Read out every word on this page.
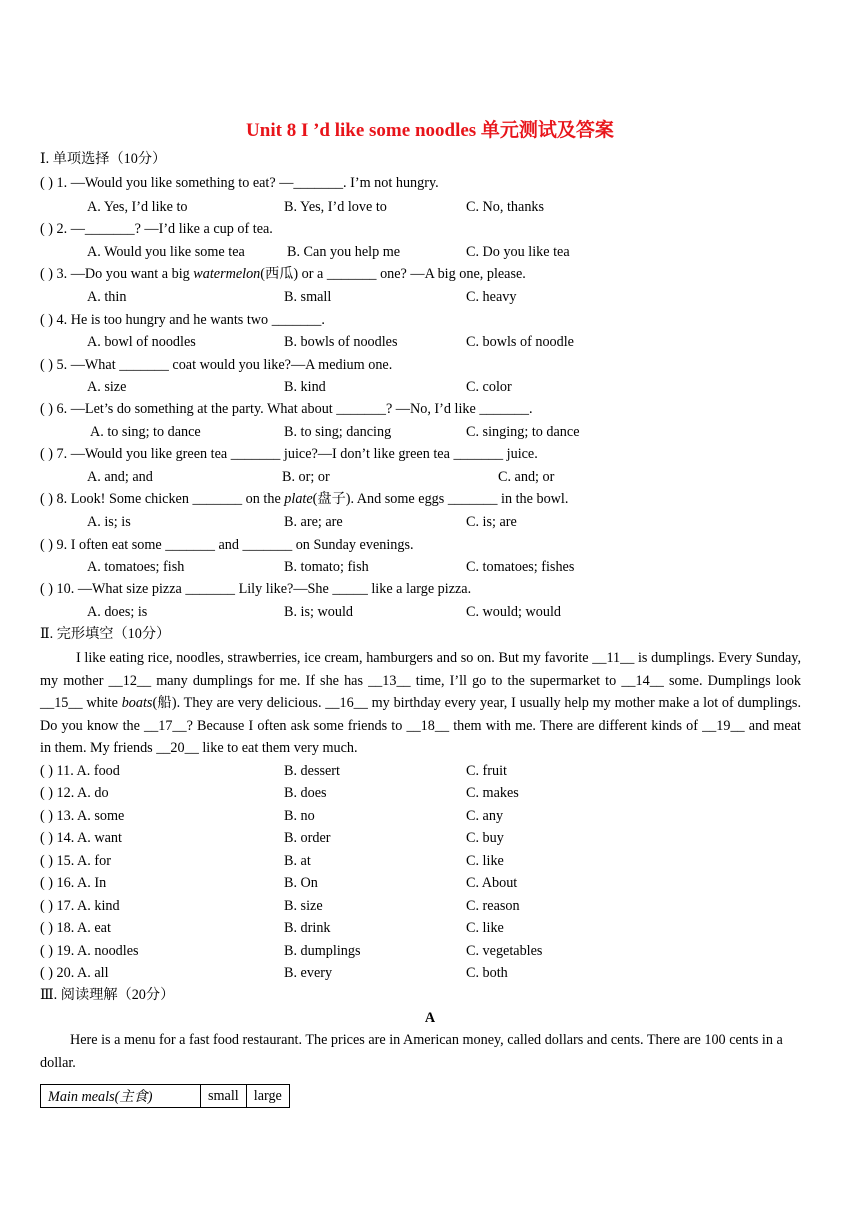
Unit 8 I ’d like some noodles 单元测试及答案
Ⅰ. 单项选择（10分）
( ) 1. —Would you like something to eat? —_______. I’m not hungry.
A. Yes, I’d like to	B. Yes, I’d love to	C. No, thanks
( ) 2. —_______? —I’d like a cup of tea.
A. Would you like some tea	B. Can you help me	C. Do you like tea
( ) 3. —Do you want a big watermelon(西瓜) or a _______ one? —A big one, please.
A. thin	B. small	C. heavy
( ) 4. He is too hungry and he wants two _______.
A. bowl of noodles	B. bowls of noodles	C. bowls of noodle
( ) 5. —What _______ coat would you like?—A medium one.
A. size	B. kind	C. color
( ) 6. —Let’s do something at the party. What about _______? —No, I’d like _______.
A. to sing; to dance	B. to sing; dancing	C. singing; to dance
( ) 7. —Would you like green tea _______ juice?—I don’t like green tea _______ juice.
A. and; and	B. or; or	C. and; or
( ) 8. Look! Some chicken _______ on the plate(盘子). And some eggs _______ in the bowl.
A. is; is	B. are; are	C. is; are
( ) 9. I often eat some _______ and _______ on Sunday evenings.
A. tomatoes; fish	B. tomato; fish	C. tomatoes; fishes
( ) 10. —What size pizza _______ Lily like?—She _____ like a large pizza.
A. does; is	B. is; would	C. would; would
Ⅱ. 完形填空（10分）
I like eating rice, noodles, strawberries, ice cream, hamburgers and so on. But my favorite __11__ is dumplings. Every Sunday, my mother __12__ many dumplings for me. If she has __13__ time, I’ll go to the supermarket to __14__ some. Dumplings look __15__ white boats(船). They are very delicious. __16__ my birthday every year, I usually help my mother make a lot of dumplings. Do you know the __17__? Because I often ask some friends to __18__ them with me. There are different kinds of __19__ and meat in them. My friends __20__ like to eat them very much.
( ) 11. A. food	B. dessert	C. fruit
( ) 12. A. do	B. does	C. makes
( ) 13. A. some	B. no	C. any
( ) 14. A. want	B. order	C. buy
( ) 15. A. for	B. at	C. like
( ) 16. A. In	B. On	C. About
( ) 17. A. kind	B. size	C. reason
( ) 18. A. eat	B. drink	C. like
( ) 19. A. noodles	B. dumplings	C. vegetables
( ) 20. A. all	B. every	C. both
Ⅲ. 阅读理解（20分）
A
Here is a menu for a fast food restaurant. The prices are in American money, called dollars and cents. There are 100 cents in a dollar.
Main meals(主食)	small	large
